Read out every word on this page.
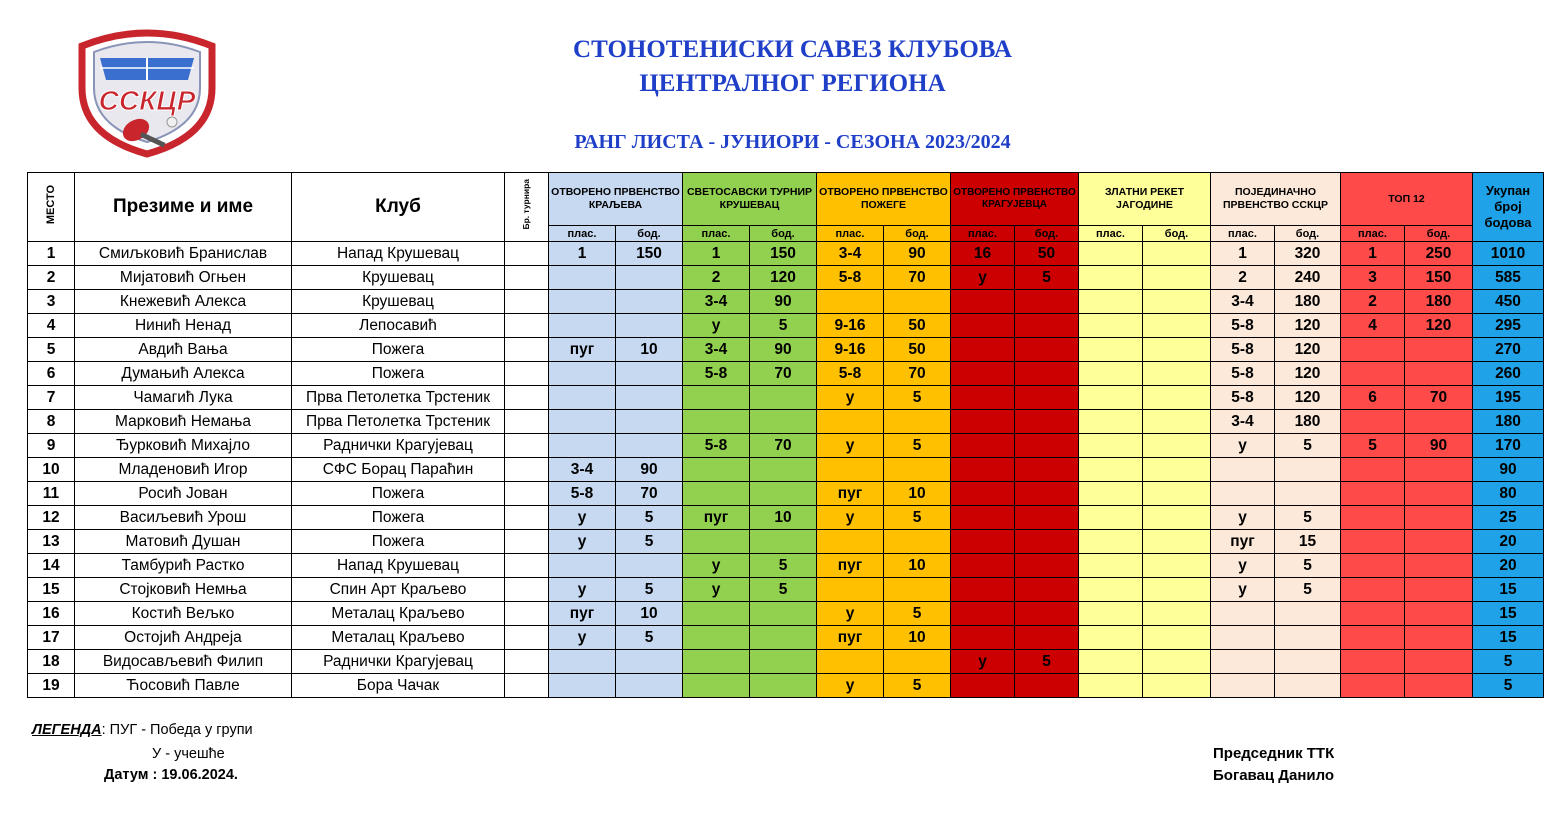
ССКЦР
СТОНОТЕНИСКИ САВЕЗ КЛУБОВА
ЦЕНТРАЛНОГ РЕГИОНА
РАНГ ЛИСТА - ЈУНИОРИ - СЕЗОНА 2023/2024
МЕСТО	Презиме и име	Клуб	Бр. турнира	ОТВОРЕНО ПРВЕНСТВО КРАЉЕВА		СВЕТОСАВСКИ ТУРНИР КРУШЕВАЦ		ОТВОРЕНО ПРВЕНСТВО ПОЖЕГЕ		ОТВОРЕНО ПРВЕНСТВО КРАГУЈЕВЦА		ЗЛАТНИ РЕКЕТ ЈАГОДИНЕ		ПОЈЕДИНАЧНО ПРВЕНСТВО ССКЦР		ТОП 12		Укупан број бодова
				плас.	бод.	плас.	бод.	плас.	бод.	плас.	бод.	плас.	бод.	плас.	бод.	плас.	бод.	
1	Смиљковић Бранислав	Напад Крушевац		1	150	1	150	3-4	90	16	50			1	320	1	250	1010
2	Мијатовић Огњен	Крушевац				2	120	5-8	70	у	5			2	240	3	150	585
3	Кнежевић Алекса	Крушевац				3-4	90							3-4	180	2	180	450
4	Нинић Ненад	Лепосавић				у	5	9-16	50					5-8	120	4	120	295
5	Авдић Вања	Пожега		пуг	10	3-4	90	9-16	50					5-8	120			270
6	Думањић Алекса	Пожега				5-8	70	5-8	70					5-8	120			260
7	Чамагић Лука	Прва Петолетка Трстеник						у	5					5-8	120	6	70	195
8	Марковић Немања	Прва Петолетка Трстеник												3-4	180			180
9	Ђурковић Михајло	Раднички Крагујевац				5-8	70	у	5					у	5	5	90	170
10	Младеновић Игор	СФС Борац Параћин		3-4	90													90
11	Росић Јован	Пожега		5-8	70			пуг	10									80
12	Васиљевић Урош	Пожега		у	5	пуг	10	у	5					у	5			25
13	Матовић Душан	Пожега		у	5									пуг	15			20
14	Тамбурић Растко	Напад Крушевац				у	5	пуг	10					у	5			20
15	Стојковић Немња	Спин Арт Краљево		у	5	у	5							у	5			15
16	Костић Вељко	Металац Краљево		пуг	10			у	5									15
17	Остојић Андреја	Металац Краљево		у	5			пуг	10									15
18	Видосављевић Филип	Раднички Крагујевац								у	5							5
19	Ћосовић Павле	Бора Чачак						у	5									5
ЛЕГЕНДА: ПУГ - Победа у групи
У - учешће
Датум : 19.06.2024.
Председник ТТК
Богавац Данило
